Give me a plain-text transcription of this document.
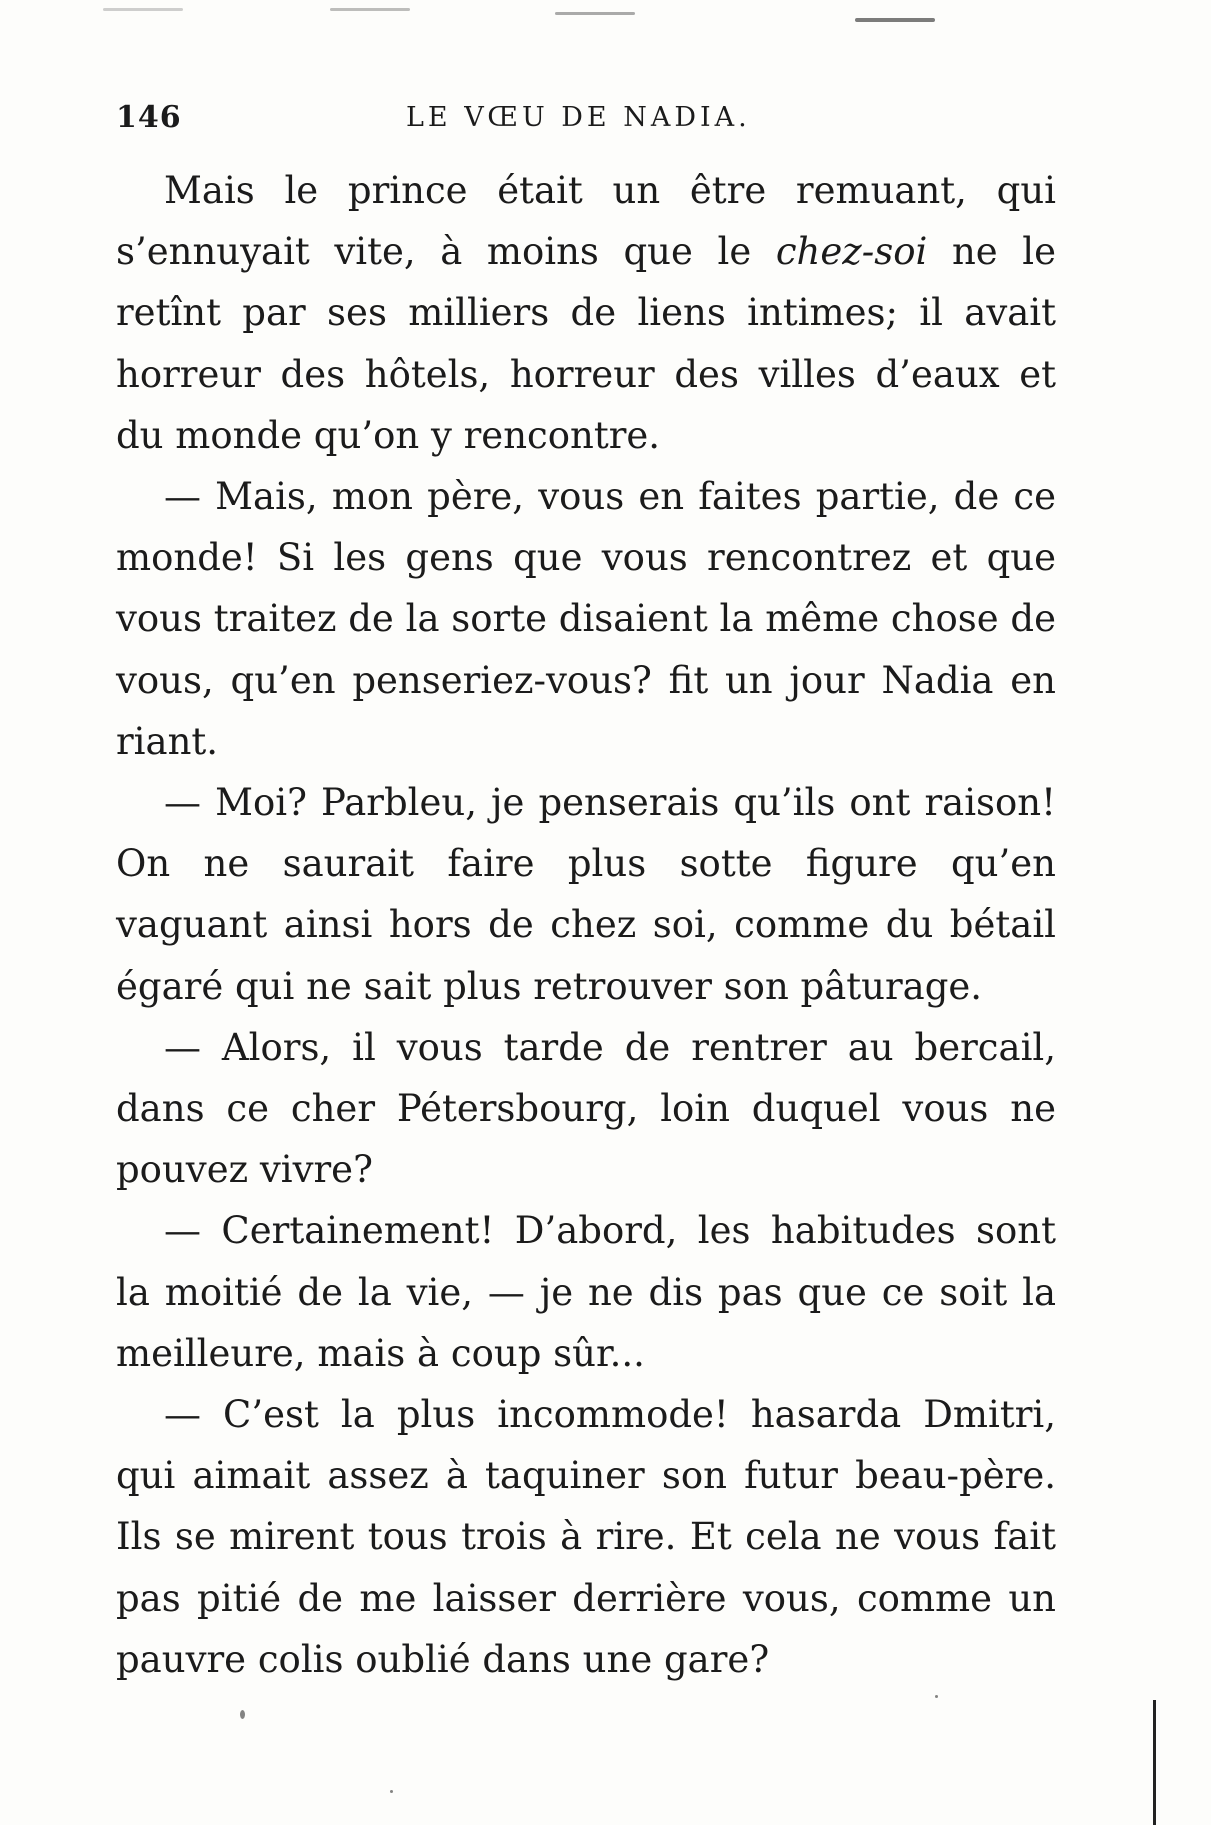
146	LE VŒU DE NADIA.

Mais le prince était un être remuant, qui s’ennuyait vite, à moins que le chez-soi ne le retînt par ses milliers de liens intimes; il avait horreur des hôtels, horreur des villes d’eaux et du monde qu’on y rencontre.

— Mais, mon père, vous en faites partie, de ce monde! Si les gens que vous rencontrez et que vous traitez de la sorte disaient la même chose de vous, qu’en penseriez-vous? fit un jour Nadia en riant.

— Moi? Parbleu, je penserais qu’ils ont raison! On ne saurait faire plus sotte figure qu’en vaguant ainsi hors de chez soi, comme du bétail égaré qui ne sait plus retrouver son pâturage.

— Alors, il vous tarde de rentrer au bercail, dans ce cher Pétersbourg, loin duquel vous ne pouvez vivre?

— Certainement! D’abord, les habitudes sont la moitié de la vie, — je ne dis pas que ce soit la meilleure, mais à coup sûr...

— C’est la plus incommode! hasarda Dmitri, qui aimait assez à taquiner son futur beau-père. Ils se mirent tous trois à rire. Et cela ne vous fait pas pitié de me laisser derrière vous, comme un pauvre colis oublié dans une gare?
